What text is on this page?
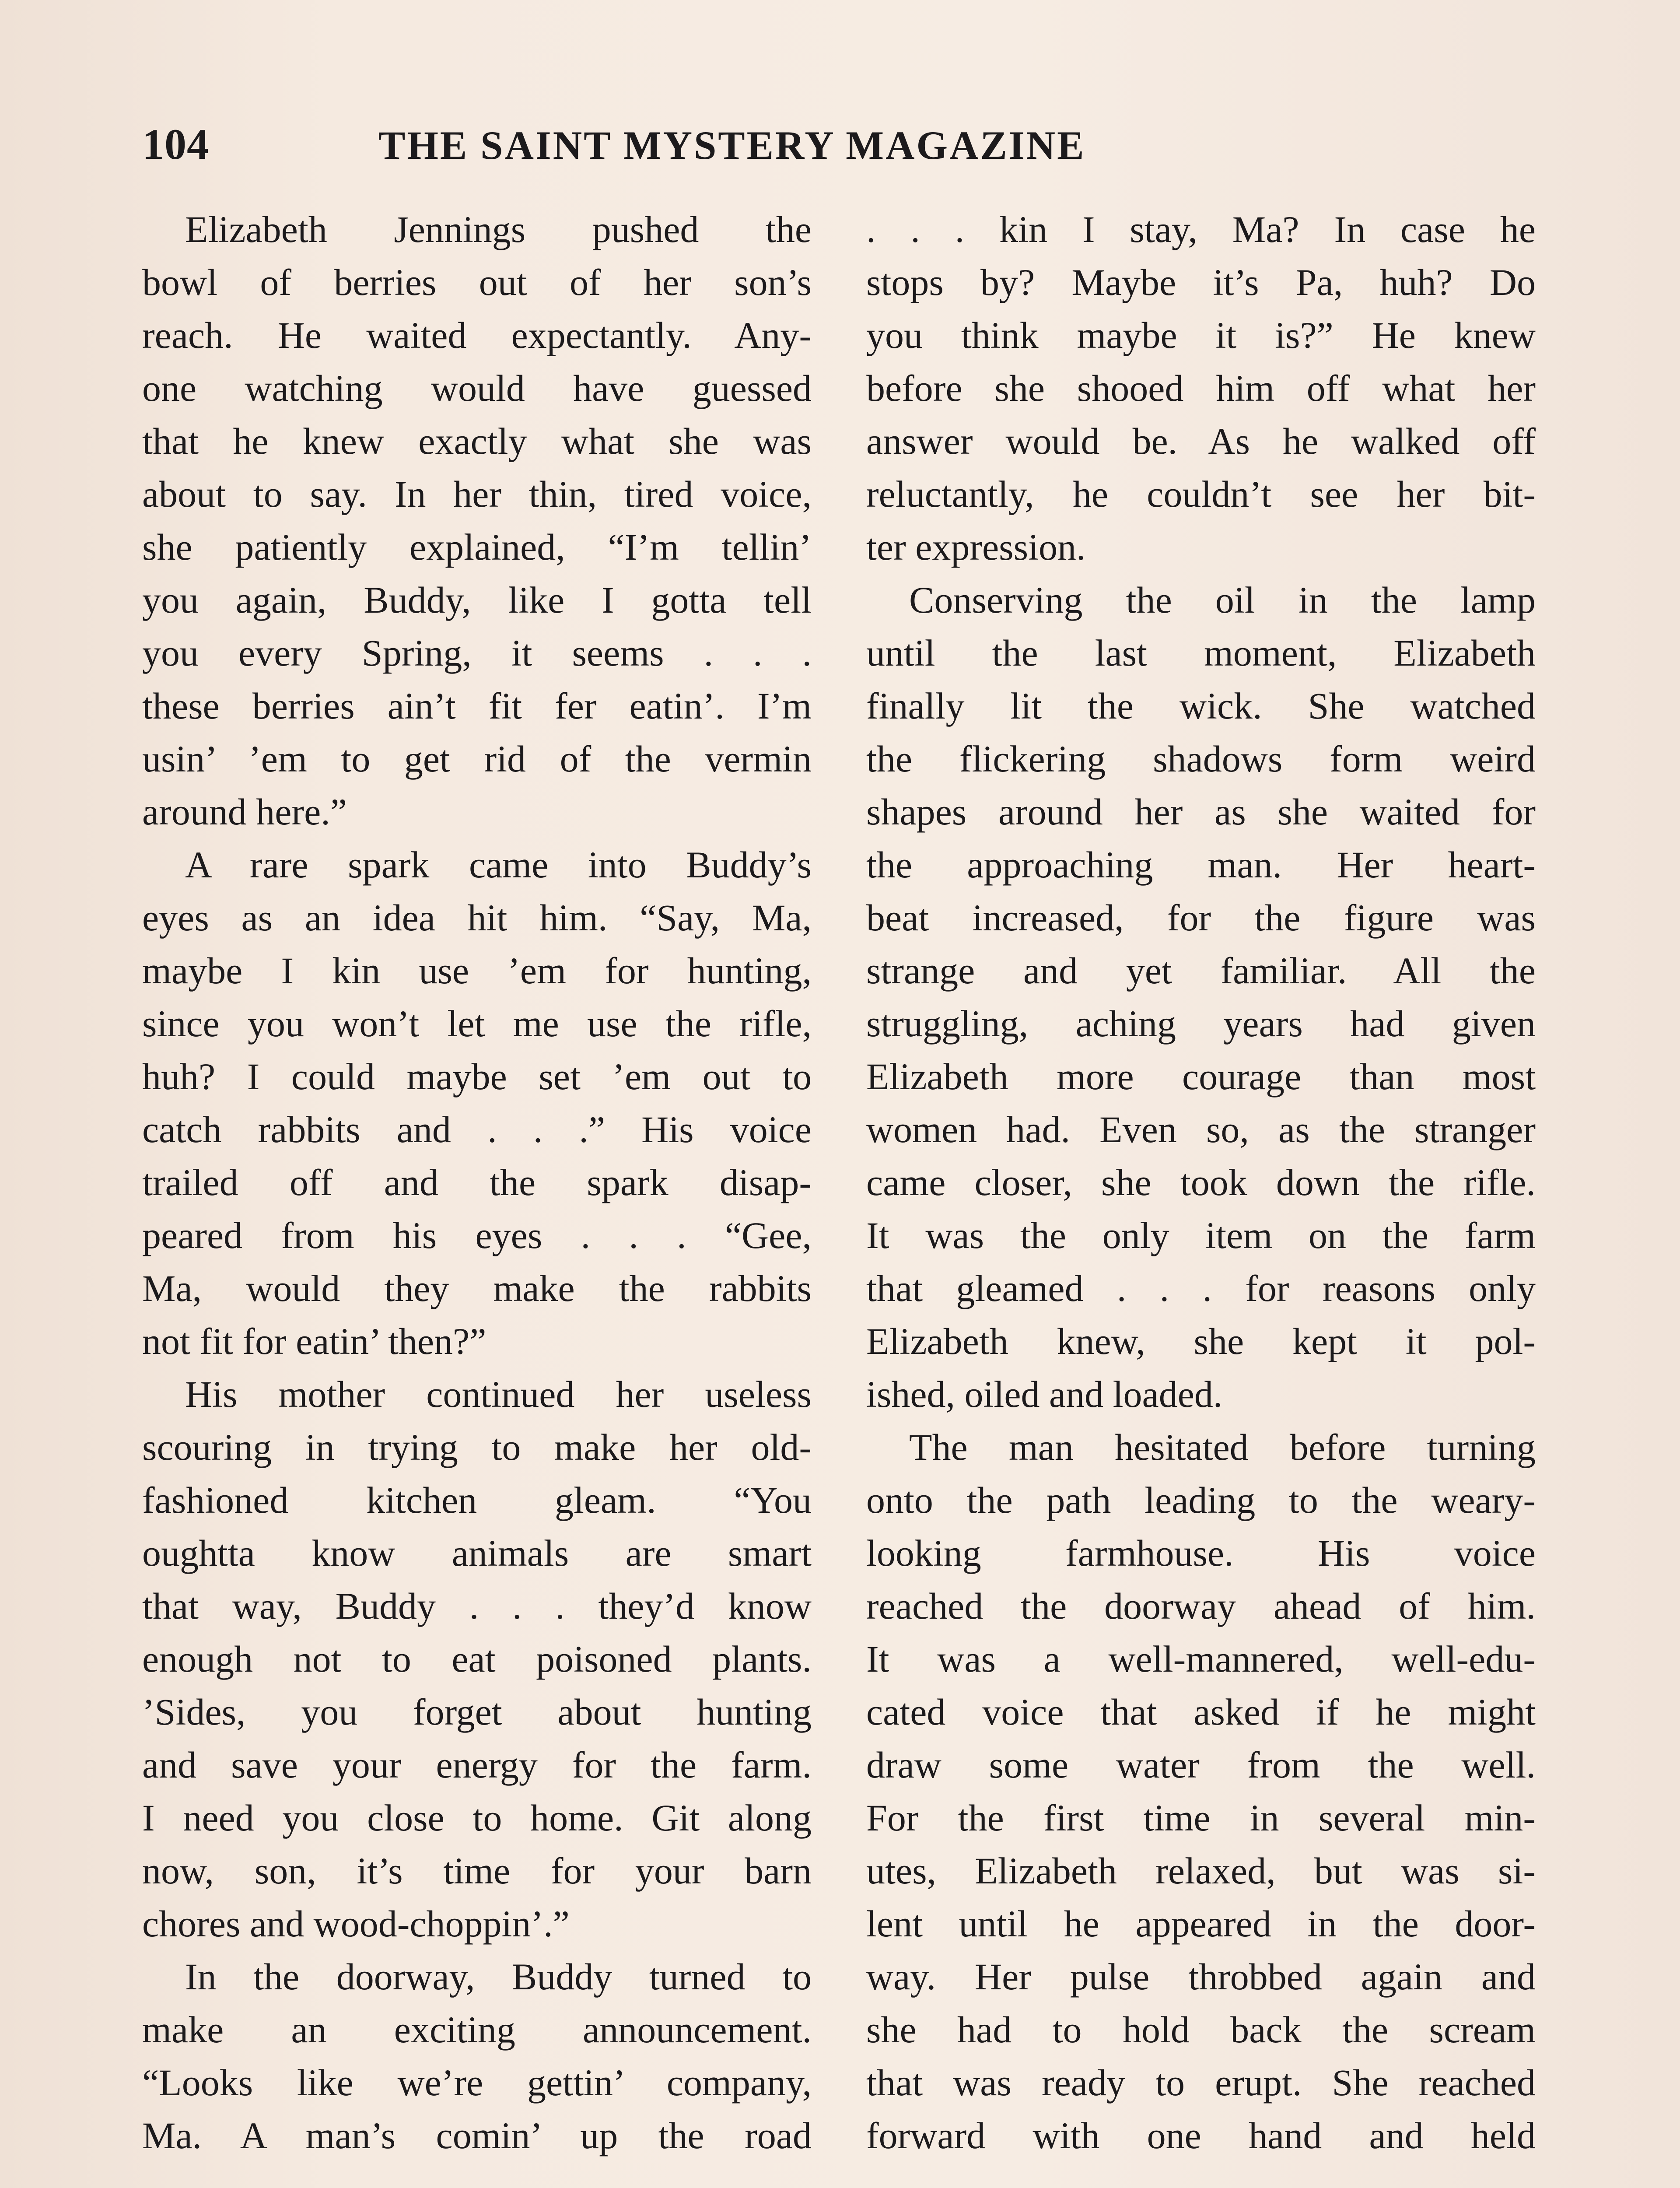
104	THE SAINT MYSTERY MAGAZINE
Elizabeth Jennings pushed the
bowl of berries out of her son’s
reach. He waited expectantly. Any-
one watching would have guessed
that he knew exactly what she was
about to say. In her thin, tired voice,
she patiently explained, “I’m tellin’
you again, Buddy, like I gotta tell
you every Spring, it seems . . .
these berries ain’t fit fer eatin’. I’m
usin’ ’em to get rid of the vermin
around here.”
A rare spark came into Buddy’s
eyes as an idea hit him. “Say, Ma,
maybe I kin use ’em for hunting,
since you won’t let me use the rifle,
huh? I could maybe set ’em out to
catch rabbits and . . .” His voice
trailed off and the spark disap-
peared from his eyes . . . “Gee,
Ma, would they make the rabbits
not fit for eatin’ then?”
His mother continued her useless
scouring in trying to make her old-
fashioned kitchen gleam. “You
oughtta know animals are smart
that way, Buddy . . . they’d know
enough not to eat poisoned plants.
’Sides, you forget about hunting
and save your energy for the farm.
I need you close to home. Git along
now, son, it’s time for your barn
chores and wood-choppin’.”
In the doorway, Buddy turned to
make an exciting announcement.
“Looks like we’re gettin’ company,
Ma. A man’s comin’ up the road
. . . kin I stay, Ma? In case he
stops by? Maybe it’s Pa, huh? Do
you think maybe it is?” He knew
before she shooed him off what her
answer would be. As he walked off
reluctantly, he couldn’t see her bit-
ter expression.
Conserving the oil in the lamp
until the last moment, Elizabeth
finally lit the wick. She watched
the flickering shadows form weird
shapes around her as she waited for
the approaching man. Her heart-
beat increased, for the figure was
strange and yet familiar. All the
struggling, aching years had given
Elizabeth more courage than most
women had. Even so, as the stranger
came closer, she took down the rifle.
It was the only item on the farm
that gleamed . . . for reasons only
Elizabeth knew, she kept it pol-
ished, oiled and loaded.
The man hesitated before turning
onto the path leading to the weary-
looking farmhouse. His voice
reached the doorway ahead of him.
It was a well-mannered, well-edu-
cated voice that asked if he might
draw some water from the well.
For the first time in several min-
utes, Elizabeth relaxed, but was si-
lent until he appeared in the door-
way. Her pulse throbbed again and
she had to hold back the scream
that was ready to erupt. She reached
forward with one hand and held
